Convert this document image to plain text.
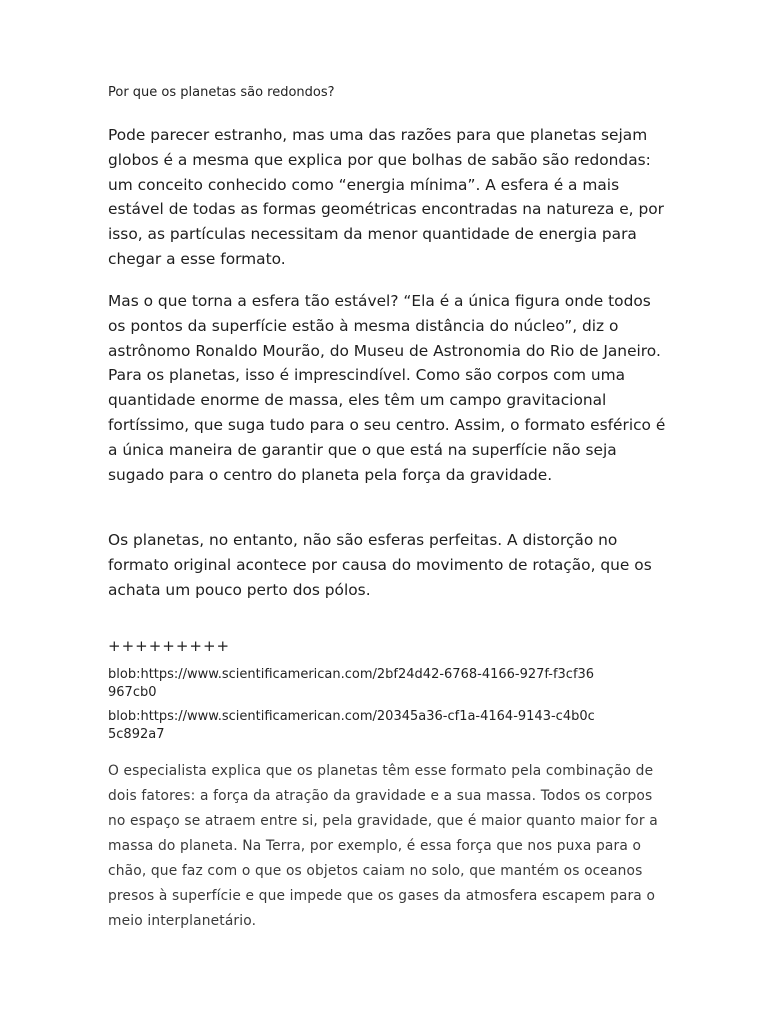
Por que os planetas são redondos?

Pode parecer estranho, mas uma das razões para que planetas sejam globos é a mesma que explica por que bolhas de sabão são redondas: um conceito conhecido como “energia mínima”. A esfera é a mais estável de todas as formas geométricas encontradas na natureza e, por isso, as partículas necessitam da menor quantidade de energia para chegar a esse formato.

Mas o que torna a esfera tão estável? “Ela é a única figura onde todos os pontos da superfície estão à mesma distância do núcleo”, diz o astrônomo Ronaldo Mourão, do Museu de Astronomia do Rio de Janeiro. Para os planetas, isso é imprescindível. Como são corpos com uma quantidade enorme de massa, eles têm um campo gravitacional fortíssimo, que suga tudo para o seu centro. Assim, o formato esférico é a única maneira de garantir que o que está na superfície não seja sugado para o centro do planeta pela força da gravidade.

Os planetas, no entanto, não são esferas perfeitas. A distorção no formato original acontece por causa do movimento de rotação, que os achata um pouco perto dos pólos.

+++++++++

blob:https://www.scientificamerican.com/2bf24d42-6768-4166-927f-f3cf36967cb0

blob:https://www.scientificamerican.com/20345a36-cf1a-4164-9143-c4b0c5c892a7

O especialista explica que os planetas têm esse formato pela combinação de dois fatores: a força da atração da gravidade e a sua massa. Todos os corpos no espaço se atraem entre si, pela gravidade, que é maior quanto maior for a massa do planeta. Na Terra, por exemplo, é essa força que nos puxa para o chão, que faz com o que os objetos caiam no solo, que mantém os oceanos presos à superfície e que impede que os gases da atmosfera escapem para o meio interplanetário.
